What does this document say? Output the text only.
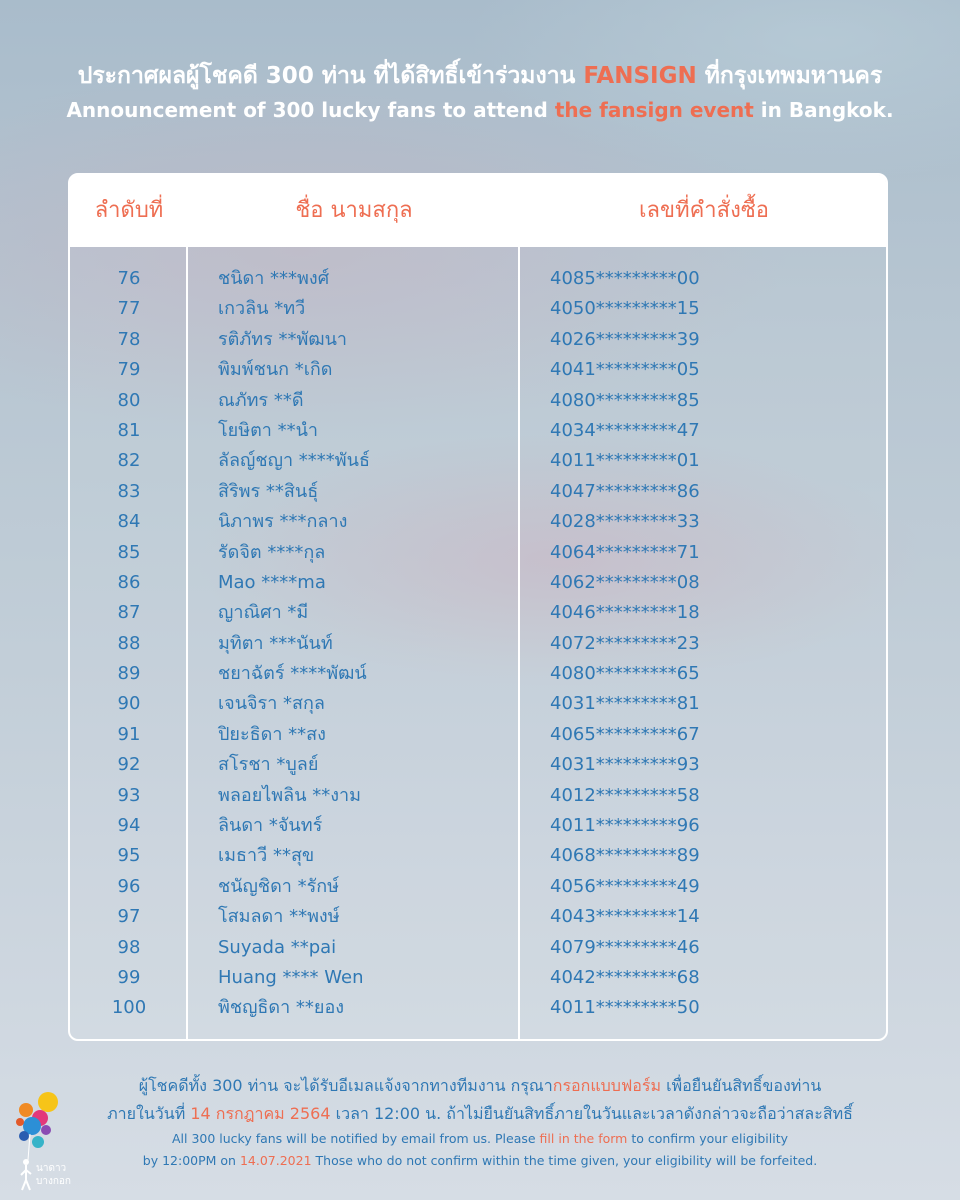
ประกาศผลผู้โชคดี 300 ท่าน ที่ได้สิทธิ์เข้าร่วมงาน FANSIGN ที่กรุงเทพมหานคร
Announcement of 300 lucky fans to attend the fansign event in Bangkok.
ลำดับที่	ชื่อ นามสกุล	เลขที่คำสั่งซื้อ
76	ชนิดา ***พงศ์	4085*********00
77	เกวลิน *ทวี	4050*********15
78	รติภัทร **พัฒนา	4026*********39
79	พิมพ์ชนก *เกิด	4041*********05
80	ณภัทร **ดี	4080*********85
81	โยษิตา **นำ	4034*********47
82	ลัลญ์ชญา ****พันธ์	4011*********01
83	สิริพร **สินธุ์	4047*********86
84	นิภาพร ***กลาง	4028*********33
85	รัดจิต ****กุล	4064*********71
86	Mao ****ma	4062*********08
87	ญาณิศา *มี	4046*********18
88	มุทิตา ***นันท์	4072*********23
89	ชยาฉัตร์ ****พัฒน์	4080*********65
90	เจนจิรา *สกุล	4031*********81
91	ปิยะธิดา **สง	4065*********67
92	สโรชา *บูลย์	4031*********93
93	พลอยไพลิน **งาม	4012*********58
94	ลินดา *จันทร์	4011*********96
95	เมธาวี **สุข	4068*********89
96	ชนัญชิดา *รักษ์	4056*********49
97	โสมลดา **พงษ์	4043*********14
98	Suyada **pai	4079*********46
99	Huang **** Wen	4042*********68
100	พิชญธิดา **ยอง	4011*********50
ผู้โชคดีทั้ง 300 ท่าน จะได้รับอีเมลแจ้งจากทางทีมงาน กรุณากรอกแบบฟอร์ม เพื่อยืนยันสิทธิ์ของท่าน
ภายในวันที่ 14 กรกฎาคม 2564 เวลา 12:00 น. ถ้าไม่ยืนยันสิทธิ์ภายในวันและเวลาดังกล่าวจะถือว่าสละสิทธิ์
All 300 lucky fans will be notified by email from us. Please fill in the form to confirm your eligibility
by 12:00PM on 14.07.2021 Those who do not confirm within the time given, your eligibility will be forfeited.
นาดาวบางกอก
